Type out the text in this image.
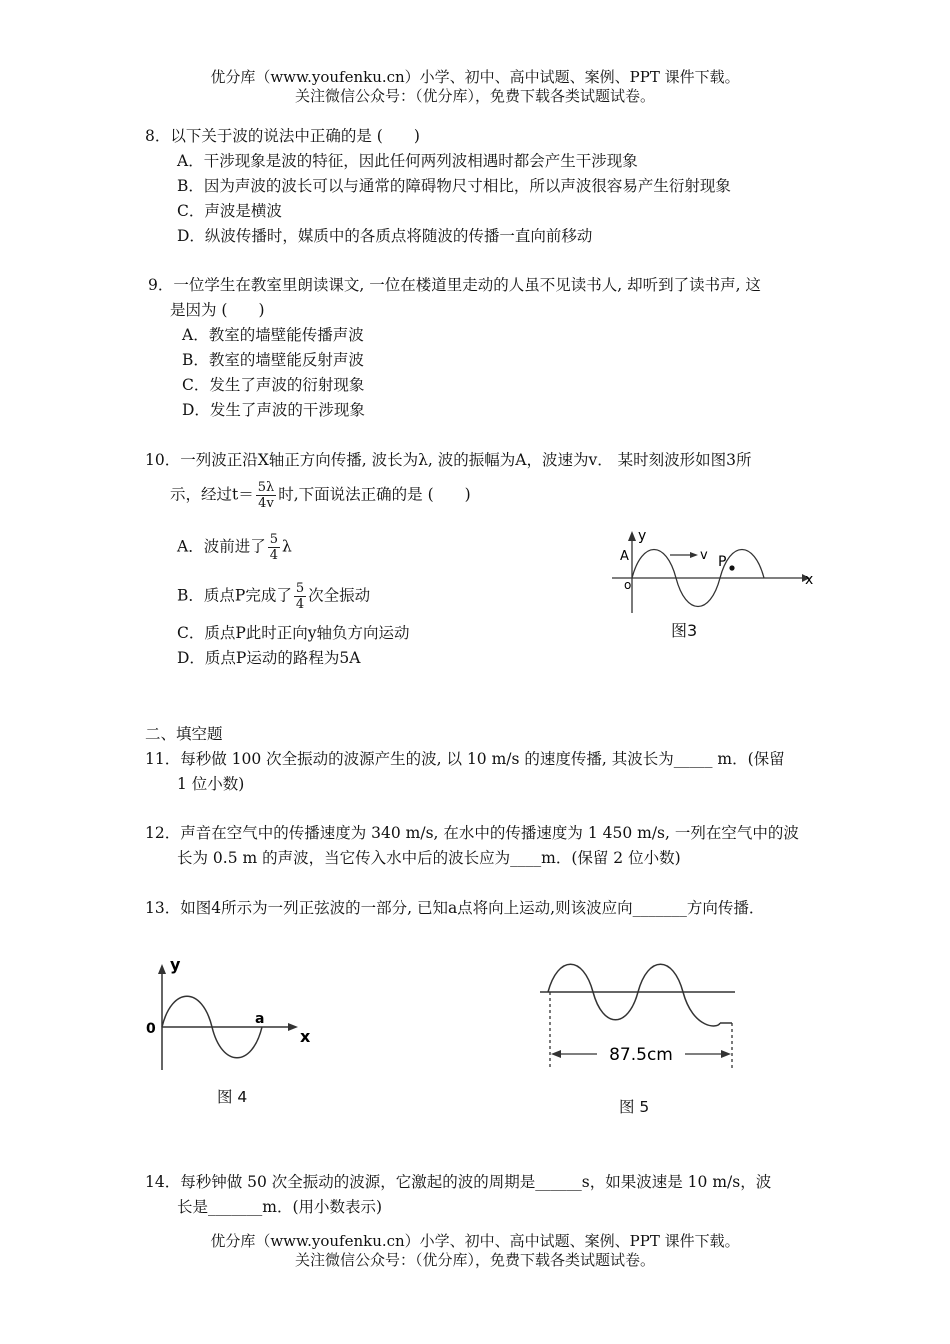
优分库（www.youfenku.cn）小学、初中、高中试题、案例、PPT 课件下载。
关注微信公众号：（优分库），免费下载各类试题试卷。
8．以下关于波的说法中正确的是 (　　)
A．干涉现象是波的特征，因此任何两列波相遇时都会产生干涉现象
B．因为声波的波长可以与通常的障碍物尺寸相比，所以声波很容易产生衍射现象
C．声波是横波
D．纵波传播时，媒质中的各质点将随波的传播一直向前移动
9．一位学生在教室里朗读课文, 一位在楼道里走动的人虽不见读书人, 却听到了读书声, 这
是因为 (　　)
A．教室的墙壁能传播声波
B．教室的墙壁能反射声波
C．发生了声波的衍射现象
D．发生了声波的干涉现象
10．一列波正沿X轴正方向传播, 波长为λ, 波的振幅为A，波速为v． 某时刻波形如图3所
示，经过$t= \frac{5\lambda}{4v}$ 时,下面说法正确的是 (　　)
A．波前进了 $\frac{5}{4}$ λ
B．质点P完成了 $\frac{5}{4}$ 次全振动
C．质点P此时正向y轴负方向运动
D．质点P运动的路程为5A
y
x
A
o
v P
图3
二、填空题
11．每秒做 100 次全振动的波源产生的波, 以 10 m/s 的速度传播, 其波长为_____ m．(保留
1 位小数)
12．声音在空气中的传播速度为 340 m/s, 在水中的传播速度为 1 450 m/s, 一列在空气中的波
长为 0.5 m 的声波，当它传入水中后的波长应为____m．(保留 2 位小数)
13．如图4所示为一列正弦波的一部分, 已知a点将向上运动,则该波应向_______方向传播．
y
x
0
a
图 4
87.5cm
图 5
14．每秒钟做 50 次全振动的波源，它激起的波的周期是______s，如果波速是 10 m/s，波
长是_______m．(用小数表示)
优分库（www.youfenku.cn）小学、初中、高中试题、案例、PPT 课件下载。
关注微信公众号：（优分库），免费下载各类试题试卷。
